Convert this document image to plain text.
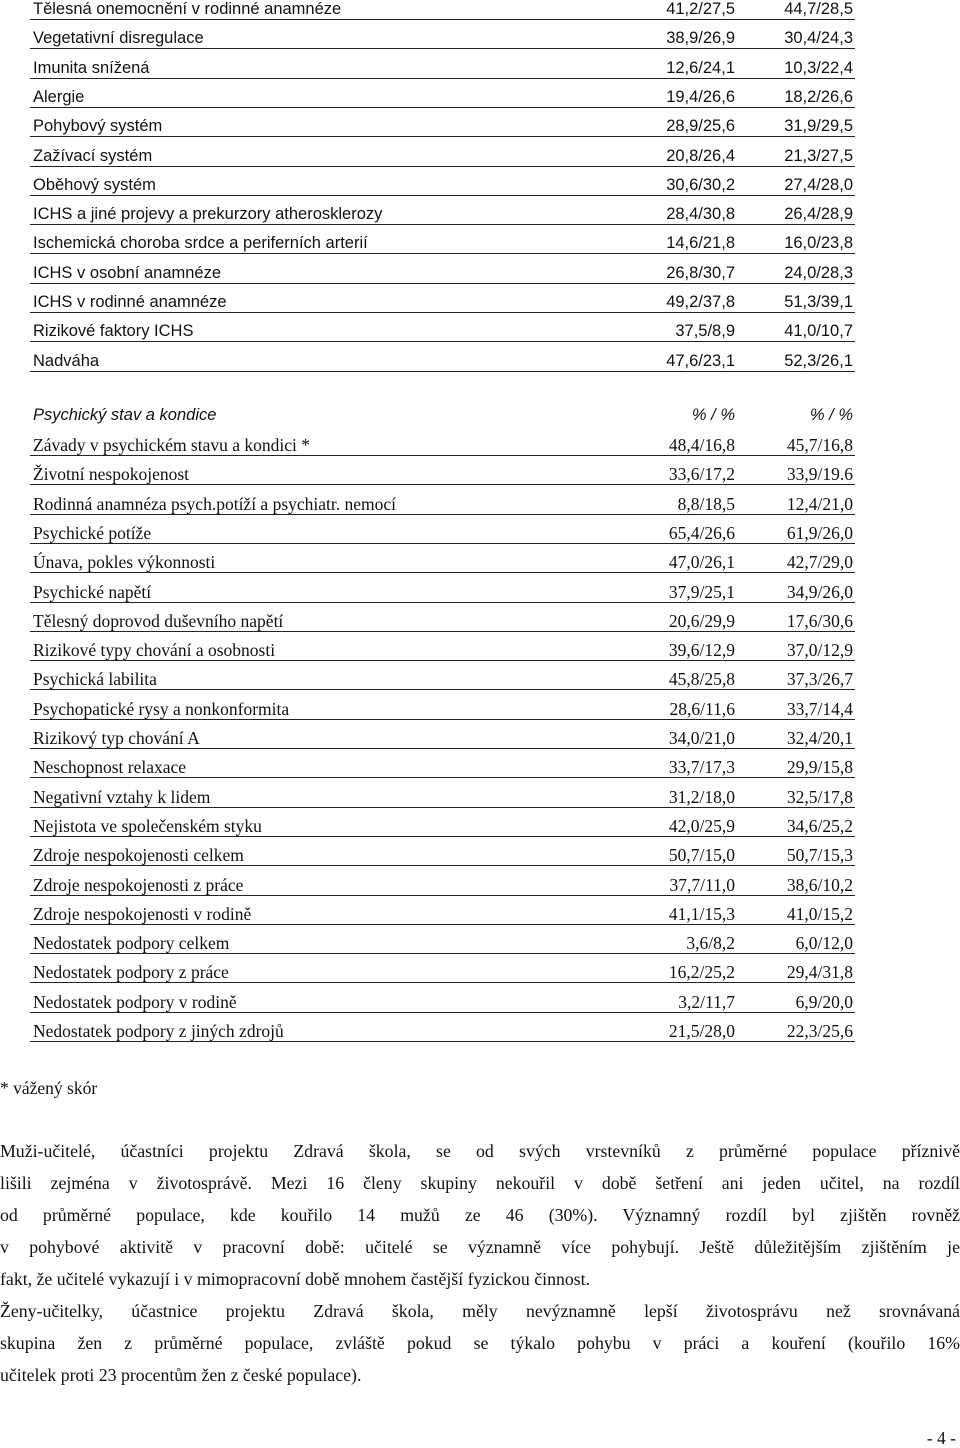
Tělesná onemocnění v rodinné anamnéze	41,2/27,5	44,7/28,5
Vegetativní disregulace	38,9/26,9	30,4/24,3
Imunita snížená	12,6/24,1	10,3/22,4
Alergie	19,4/26,6	18,2/26,6
Pohybový systém	28,9/25,6	31,9/29,5
Zažívací systém	20,8/26,4	21,3/27,5
Oběhový systém	30,6/30,2	27,4/28,0
ICHS a jiné projevy a prekurzory atherosklerozy	28,4/30,8	26,4/28,9
Ischemická choroba srdce a periferních arterií	14,6/21,8	16,0/23,8
ICHS v osobní anamnéze	26,8/30,7	24,0/28,3
ICHS v rodinné anamnéze	49,2/37,8	51,3/39,1
Rizikové faktory ICHS	37,5/8,9	41,0/10,7
Nadváha	47,6/23,1	52,3/26,1
Psychický stav a kondice	% / %	% / %
Závady v psychickém stavu a kondici *	48,4/16,8	45,7/16,8
Životní nespokojenost	33,6/17,2	33,9/19.6
Rodinná anamnéza psych.potíží a psychiatr. nemocí	8,8/18,5	12,4/21,0
Psychické potíže	65,4/26,6	61,9/26,0
Únava, pokles výkonnosti	47,0/26,1	42,7/29,0
Psychické napětí	37,9/25,1	34,9/26,0
Tělesný doprovod duševního napětí	20,6/29,9	17,6/30,6
Rizikové typy chování a osobnosti	39,6/12,9	37,0/12,9
Psychická labilita	45,8/25,8	37,3/26,7
Psychopatické rysy a nonkonformita	28,6/11,6	33,7/14,4
Rizikový typ chování A	34,0/21,0	32,4/20,1
Neschopnost relaxace	33,7/17,3	29,9/15,8
Negativní vztahy k lidem	31,2/18,0	32,5/17,8
Nejistota ve společenském styku	42,0/25,9	34,6/25,2
Zdroje nespokojenosti celkem	50,7/15,0	50,7/15,3
Zdroje nespokojenosti z práce	37,7/11,0	38,6/10,2
Zdroje nespokojenosti v rodině	41,1/15,3	41,0/15,2
Nedostatek podpory celkem	3,6/8,2	6,0/12,0
Nedostatek podpory z práce	16,2/25,2	29,4/31,8
Nedostatek podpory v rodině	3,2/11,7	6,9/20,0
Nedostatek podpory z jiných zdrojů	21,5/28,0	22,3/25,6
* vážený skór
Muži-učitelé, účastníci projektu Zdravá škola, se od svých vrstevníků z průměrné populace příznivě
lišili zejména v životosprávě. Mezi 16 členy skupiny nekouřil v době šetření ani jeden učitel, na rozdíl
od průměrné populace, kde kouřilo 14 mužů ze 46 (30%). Významný rozdíl byl zjištěn rovněž
v pohybové aktivitě v pracovní době: učitelé se významně více pohybují. Ještě důležitějším zjištěním je
fakt, že učitelé vykazují i v mimopracovní době mnohem častější fyzickou činnost.
Ženy-učitelky, účastnice projektu Zdravá škola, měly nevýznamně lepší životosprávu než srovnávaná
skupina žen z průměrné populace, zvláště pokud se týkalo pohybu v práci a kouření (kouřilo 16%
učitelek proti 23 procentům žen z české populace).
- 4 -
